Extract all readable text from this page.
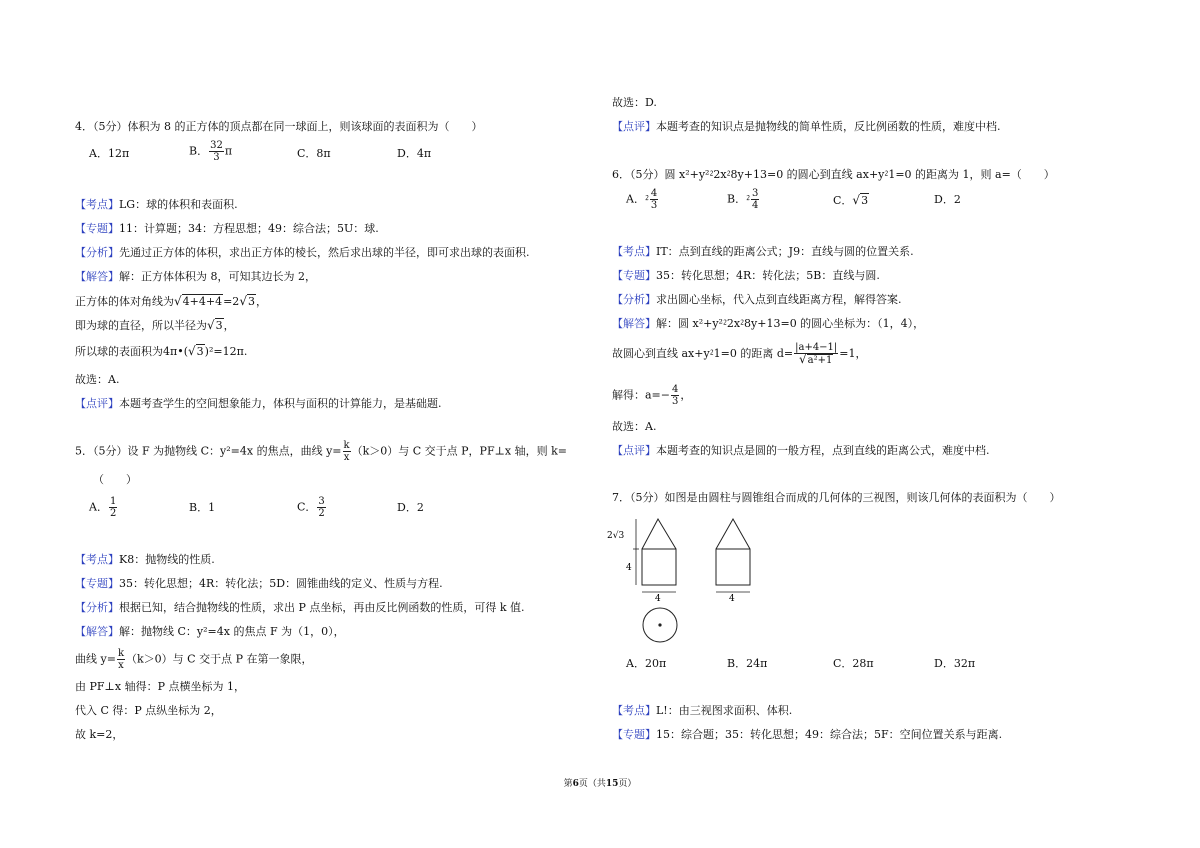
4．（5分）体积为 8 的正方体的顶点都在同一球面上，则该球面的表面积为（　　）
A．12π	B． $\frac{32}{3}$ π	C．8π	D．4π
【考点】LG：球的体积和表面积.
【专题】11：计算题；34：方程思想；49：综合法；5U：球.
【分析】先通过正方体的体积，求出正方体的棱长，然后求出球的半径，即可求出球的表面积.
【解答】解：正方体体积为 8，可知其边长为 2，
正方体的体对角线为√4+4+4=2√3，
即为球的直径，所以半径为√3，
所以球的表面积为4π•(√3)²=12π.
故选：A.
【点评】本题考查学生的空间想象能力，体积与面积的计算能力，是基础题.
5．（5分）设 F 为抛物线 C：y²=4x 的焦点，曲线 $y= \frac{k}{x} (k>0)$与 C 交于点 P，PF⊥x 轴，则 k=
（　　）
A． $\frac{1}{2}$	B．1	C． $\frac{3}{2}$	D．2
【考点】K8：抛物线的性质.
【专题】35：转化思想；4R：转化法；5D：圆锥曲线的定义、性质与方程.
【分析】根据已知，结合抛物线的性质，求出 P 点坐标，再由反比例函数的性质，可得 k 值.
【解答】解：抛物线 C：y²=4x 的焦点 F 为（1，0），
曲线 $y= \frac{k}{x} (k>0)$与 C 交于点 P 在第一象限，
由 PF⊥x 轴得：P 点横坐标为 1，
代入 C 得：P 点纵坐标为 2，
故 k=2，
故选：D.
【点评】本题考查的知识点是抛物线的简单性质，反比例函数的性质，难度中档.
6．（5分）圆 x²+y²⁲2x⁲8y+13=0 的圆心到直线 ax+y⁲1=0 的距离为 1，则 a=（　　）
A．⁲ $\frac{4}{3}$	B．⁲ $\frac{3}{4}$	C．√3	D．2
【考点】IT：点到直线的距离公式；J9：直线与圆的位置关系.
【专题】35：转化思想；4R：转化法；5B：直线与圆.
【分析】求出圆心坐标，代入点到直线距离方程，解得答案.
【解答】解：圆 x²+y²⁲2x⁲8y+13=0 的圆心坐标为：（1，4），
故圆心到直线 ax+y⁲1=0 的距离 $d= \frac{|a+4-1|}{\text{√a²+1}} =1$，
解得：$a=- \frac{4}{3}$ ，
故选：A.
【点评】本题考查的知识点是圆的一般方程，点到直线的距离公式，难度中档.
7．（5分）如图是由圆柱与圆锥组合而成的几何体的三视图，则该几何体的表面积为（　　）
2√3
4
4	4
A．20π	B．24π	C．28π	D．32π
【考点】L!：由三视图求面积、体积.
【专题】15：综合题；35：转化思想；49：综合法；5F：空间位置关系与距离.
第6页（共15页）
